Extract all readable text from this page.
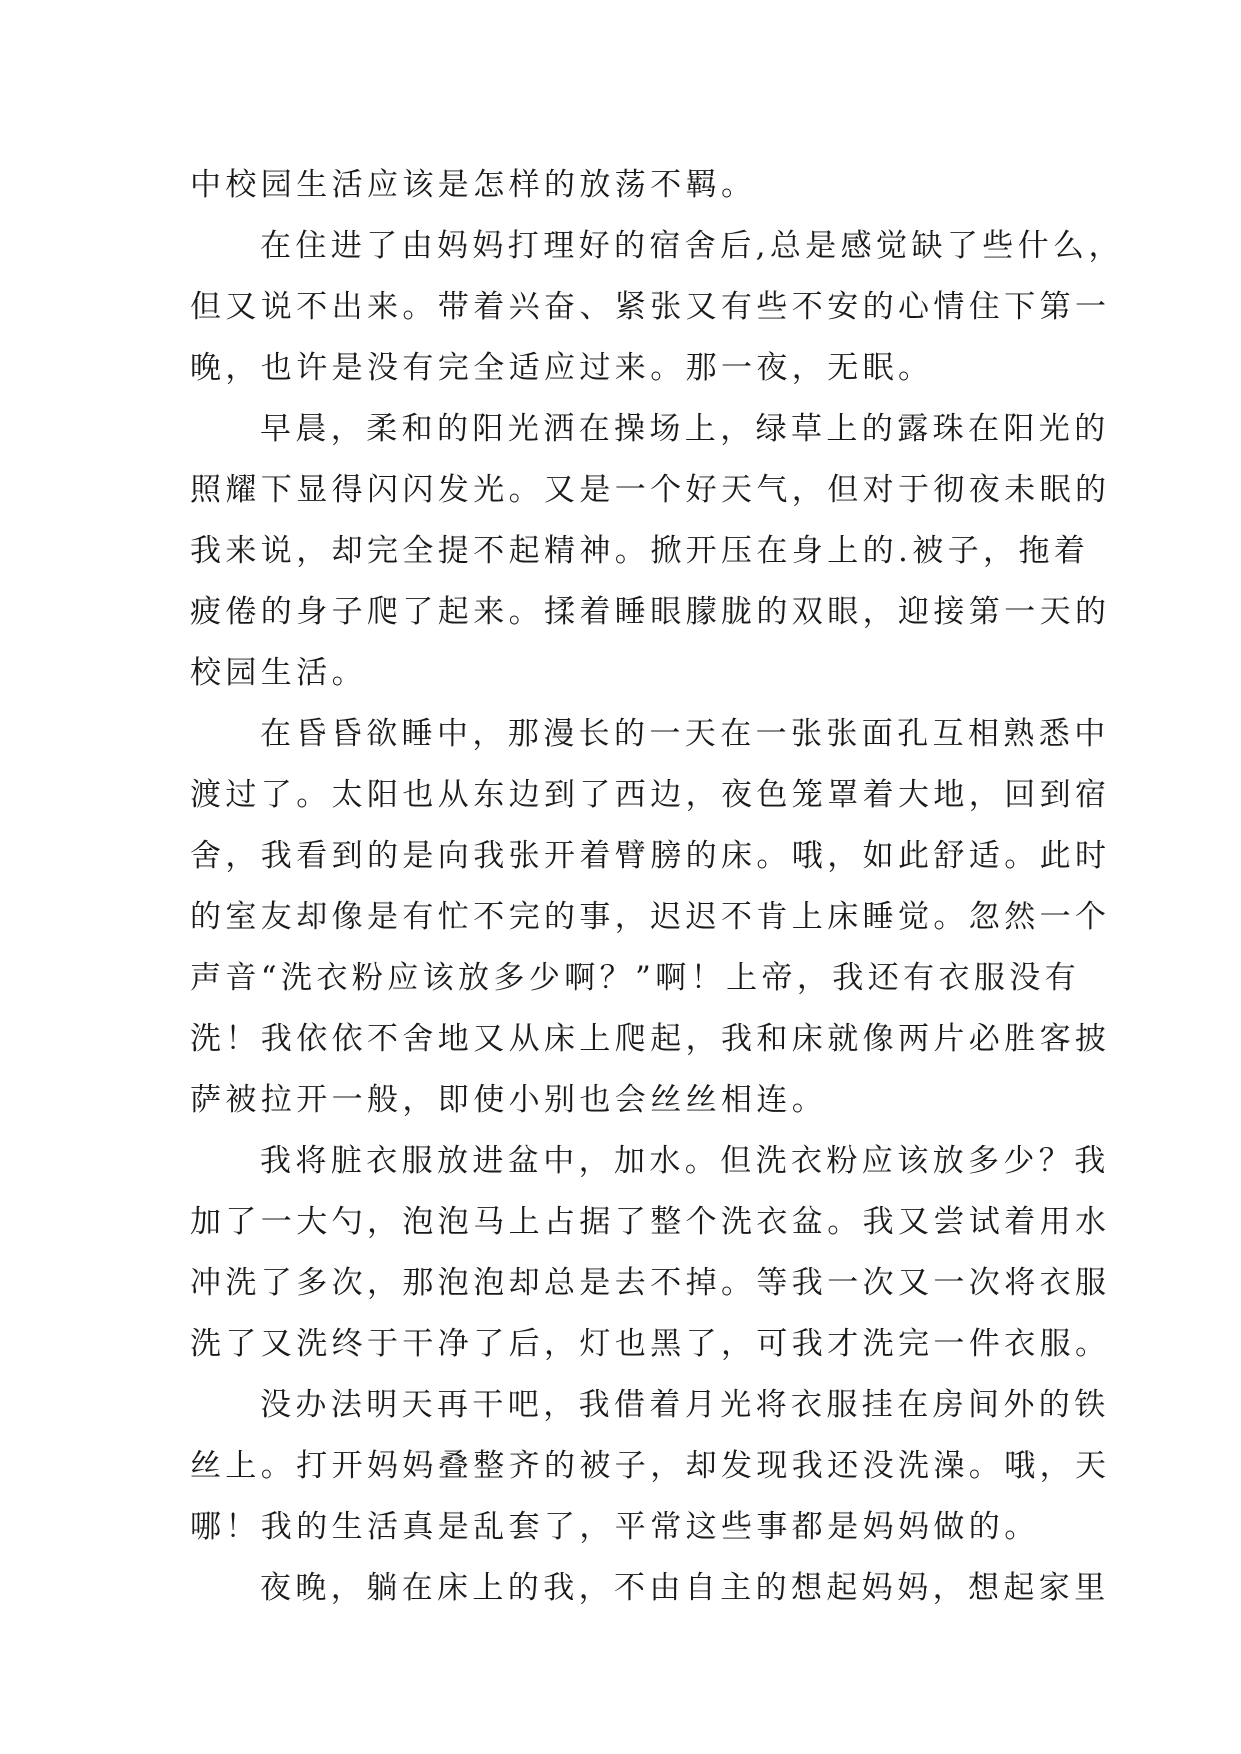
中校园生活应该是怎样的放荡不羁。
在住进了由妈妈打理好的宿舍后,总是感觉缺了些什么，
但又说不出来。带着兴奋、紧张又有些不安的心情住下第一
晚，也许是没有完全适应过来。那一夜，无眠。
早晨，柔和的阳光洒在操场上，绿草上的露珠在阳光的
照耀下显得闪闪发光。又是一个好天气，但对于彻夜未眠的
我来说，却完全提不起精神。掀开压在身上的.被子，拖着
疲倦的身子爬了起来。揉着睡眼朦胧的双眼，迎接第一天的
校园生活。
在昏昏欲睡中，那漫长的一天在一张张面孔互相熟悉中
渡过了。太阳也从东边到了西边，夜色笼罩着大地，回到宿
舍，我看到的是向我张开着臂膀的床。哦，如此舒适。此时
的室友却像是有忙不完的事，迟迟不肯上床睡觉。忽然一个
声音“洗衣粉应该放多少啊？”啊！上帝，我还有衣服没有
洗！我依依不舍地又从床上爬起，我和床就像两片必胜客披
萨被拉开一般，即使小别也会丝丝相连。
我将脏衣服放进盆中，加水。但洗衣粉应该放多少？我
加了一大勺，泡泡马上占据了整个洗衣盆。我又尝试着用水
冲洗了多次，那泡泡却总是去不掉。等我一次又一次将衣服
洗了又洗终于干净了后，灯也黑了，可我才洗完一件衣服。
没办法明天再干吧，我借着月光将衣服挂在房间外的铁
丝上。打开妈妈叠整齐的被子，却发现我还没洗澡。哦，天
哪！我的生活真是乱套了，平常这些事都是妈妈做的。
夜晚，躺在床上的我，不由自主的想起妈妈，想起家里
